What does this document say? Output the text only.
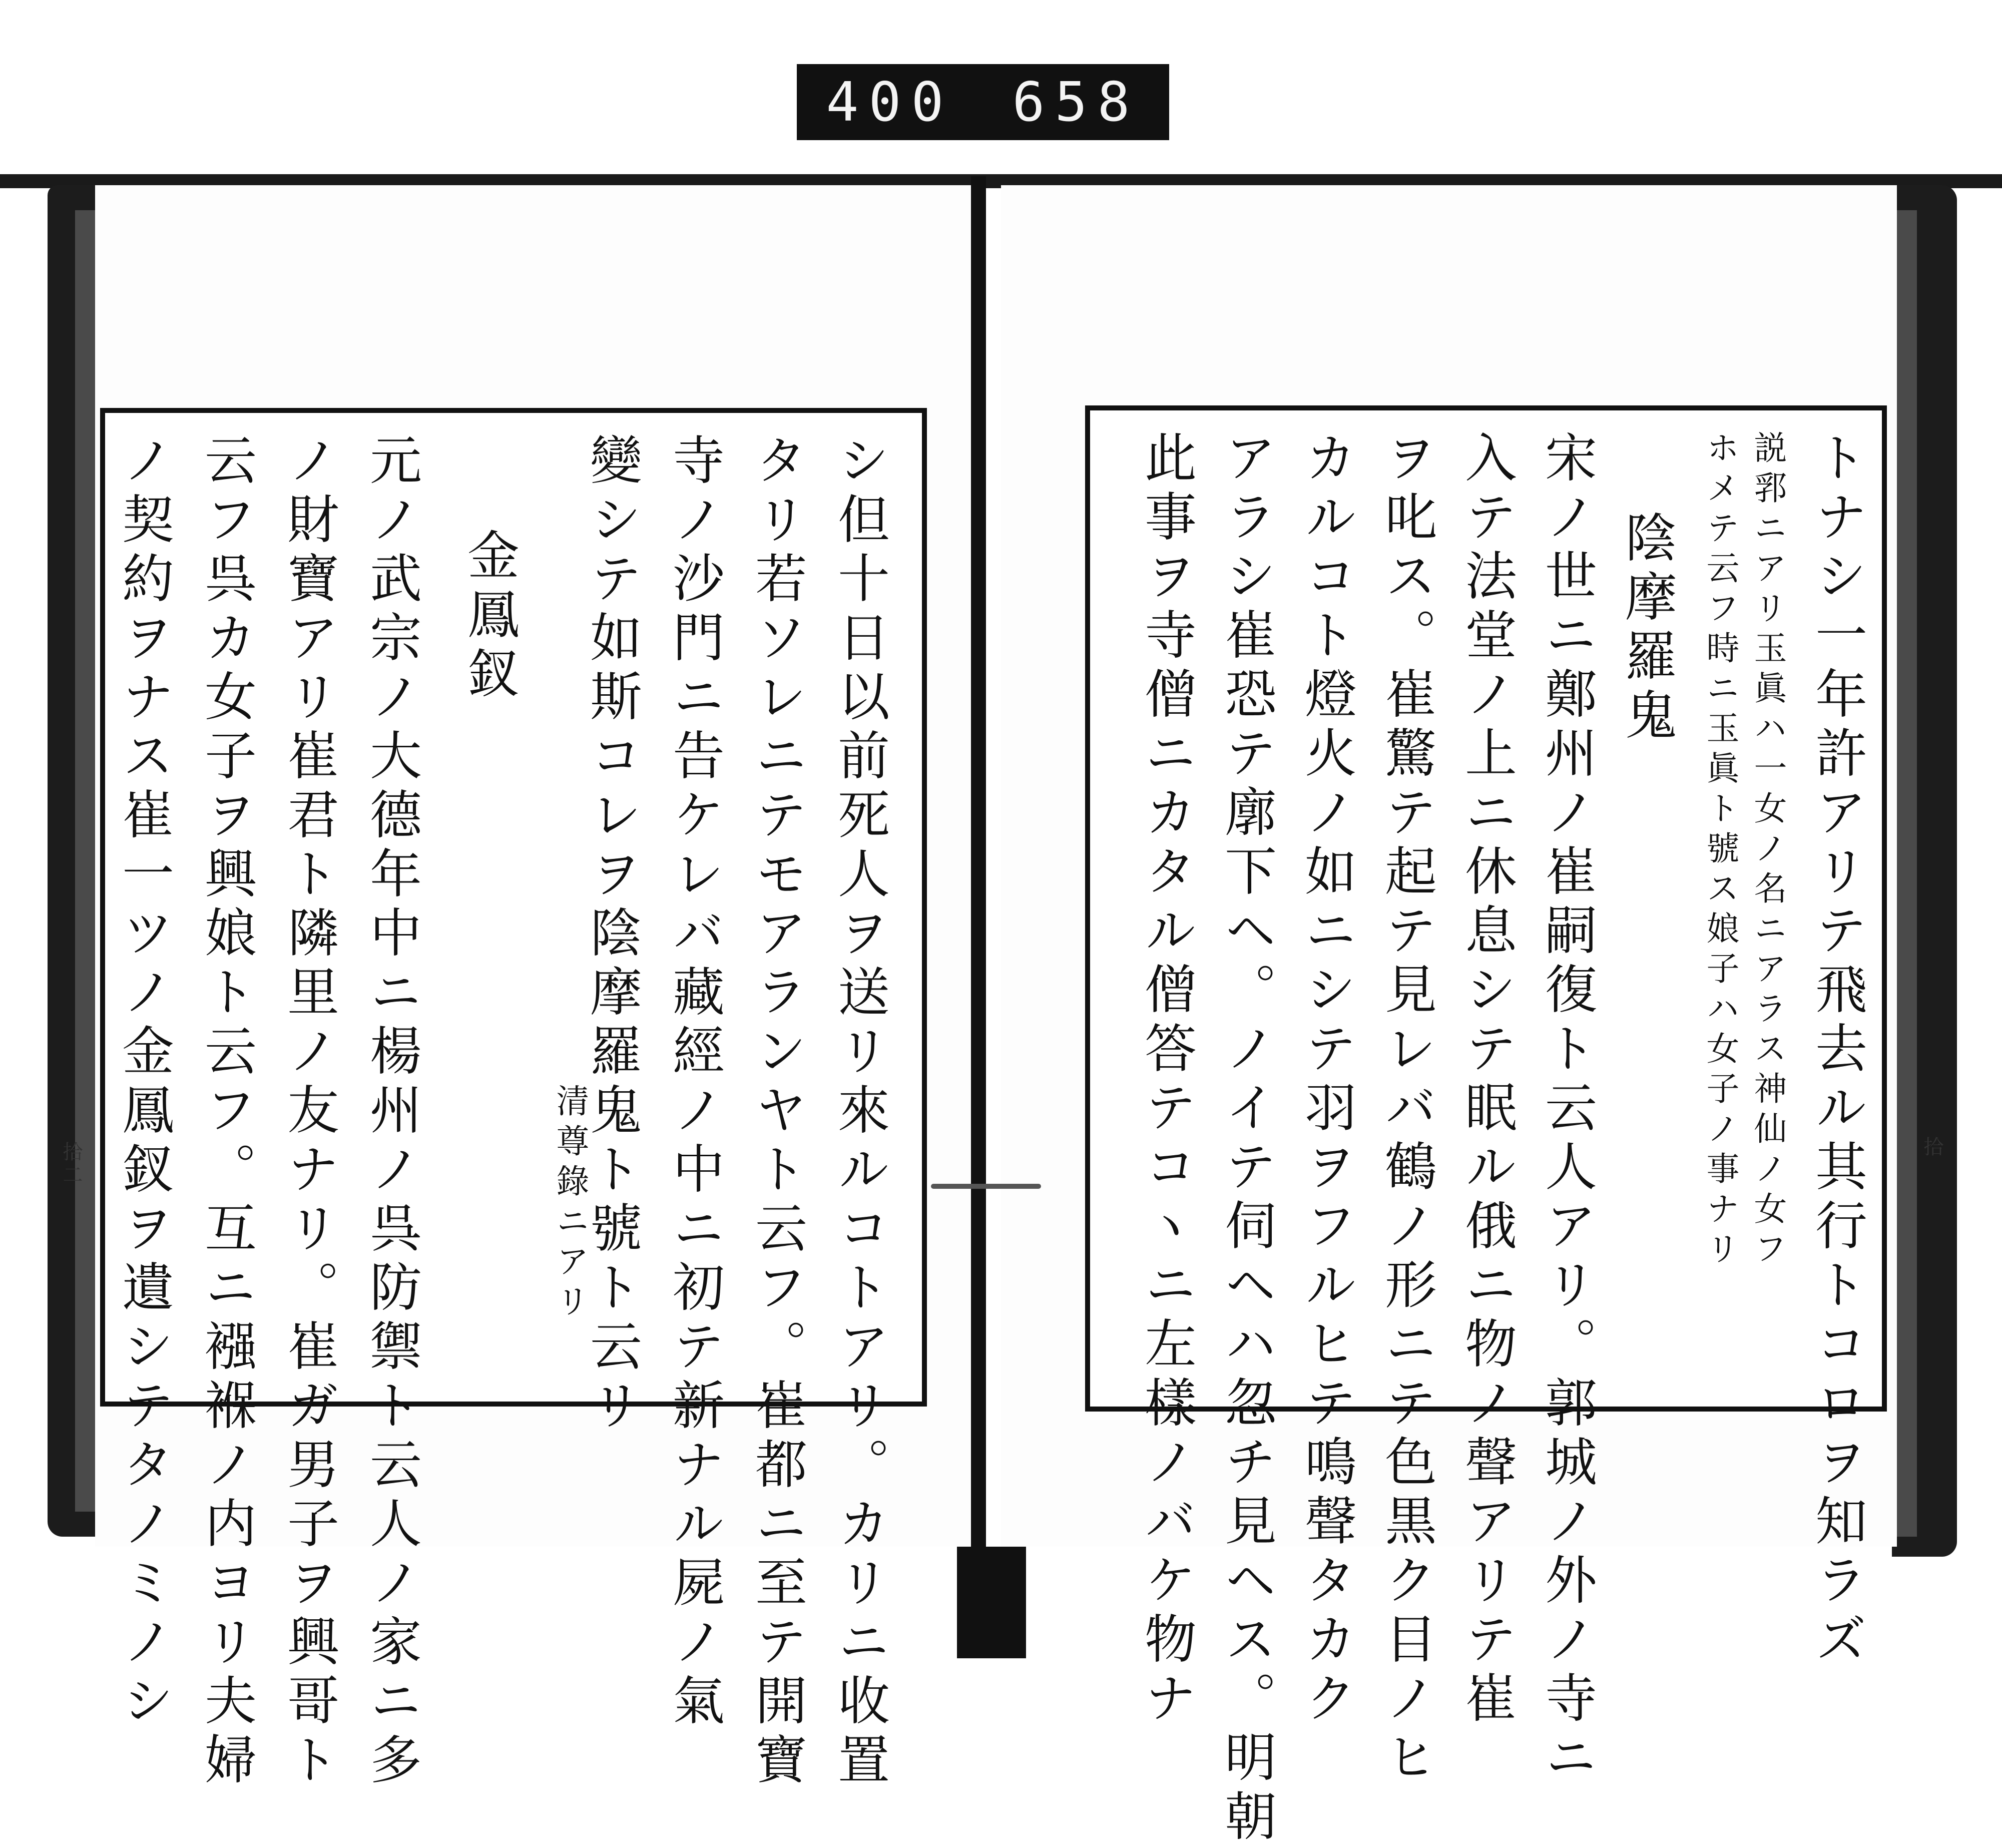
400 658
拾二	拾
シ但十日以前死人ヲ送リ來ルコトアリ。カリニ收置
タリ若ソレニテモアランヤト云フ。崔都ニ至テ開寶
寺ノ沙門ニ告ケレバ藏經ノ中ニ初テ新ナル屍ノ氣
變シテ如斯コレヲ陰摩羅鬼ト號ト云リ
清尊錄ニアリ
金鳳釵
元ノ武宗ノ大德年中ニ楊州ノ呉防禦ト云人ノ家ニ多
ノ財寶アリ崔君ト隣里ノ友ナリ。崔ガ男子ヲ興哥ト
云フ呉カ女子ヲ興娘ト云フ。互ニ襁褓ノ内ヨリ夫婦
ノ契約ヲナス崔一ツノ金鳳釵ヲ遺シテタノミノシ	トナシ一年許アリテ飛去ル其行トコロヲ知ラズ
説郛ニアリ玉眞ハ一女ノ名ニアラス神仙ノ女フ
ホメテ云フ時ニ玉眞ト號ス娘子ハ女子ノ事ナリ
陰摩羅鬼
宋ノ世ニ鄭州ノ崔嗣復ト云人アリ。郭城ノ外ノ寺ニ
入テ法堂ノ上ニ休息シテ眠ル俄ニ物ノ聲アリテ崔
ヲ叱ス。崔驚テ起テ見レバ鶴ノ形ニテ色黒ク目ノヒ
カルコト燈火ノ如ニシテ羽ヲフルヒテ鳴聲タカク
アラシ崔恐テ廓下ヘ。ノイテ伺ヘハ忽チ見ヘス。明朝
此事ヲ寺僧ニカタル僧答テコヽニ左樣ノバケ物ナ
